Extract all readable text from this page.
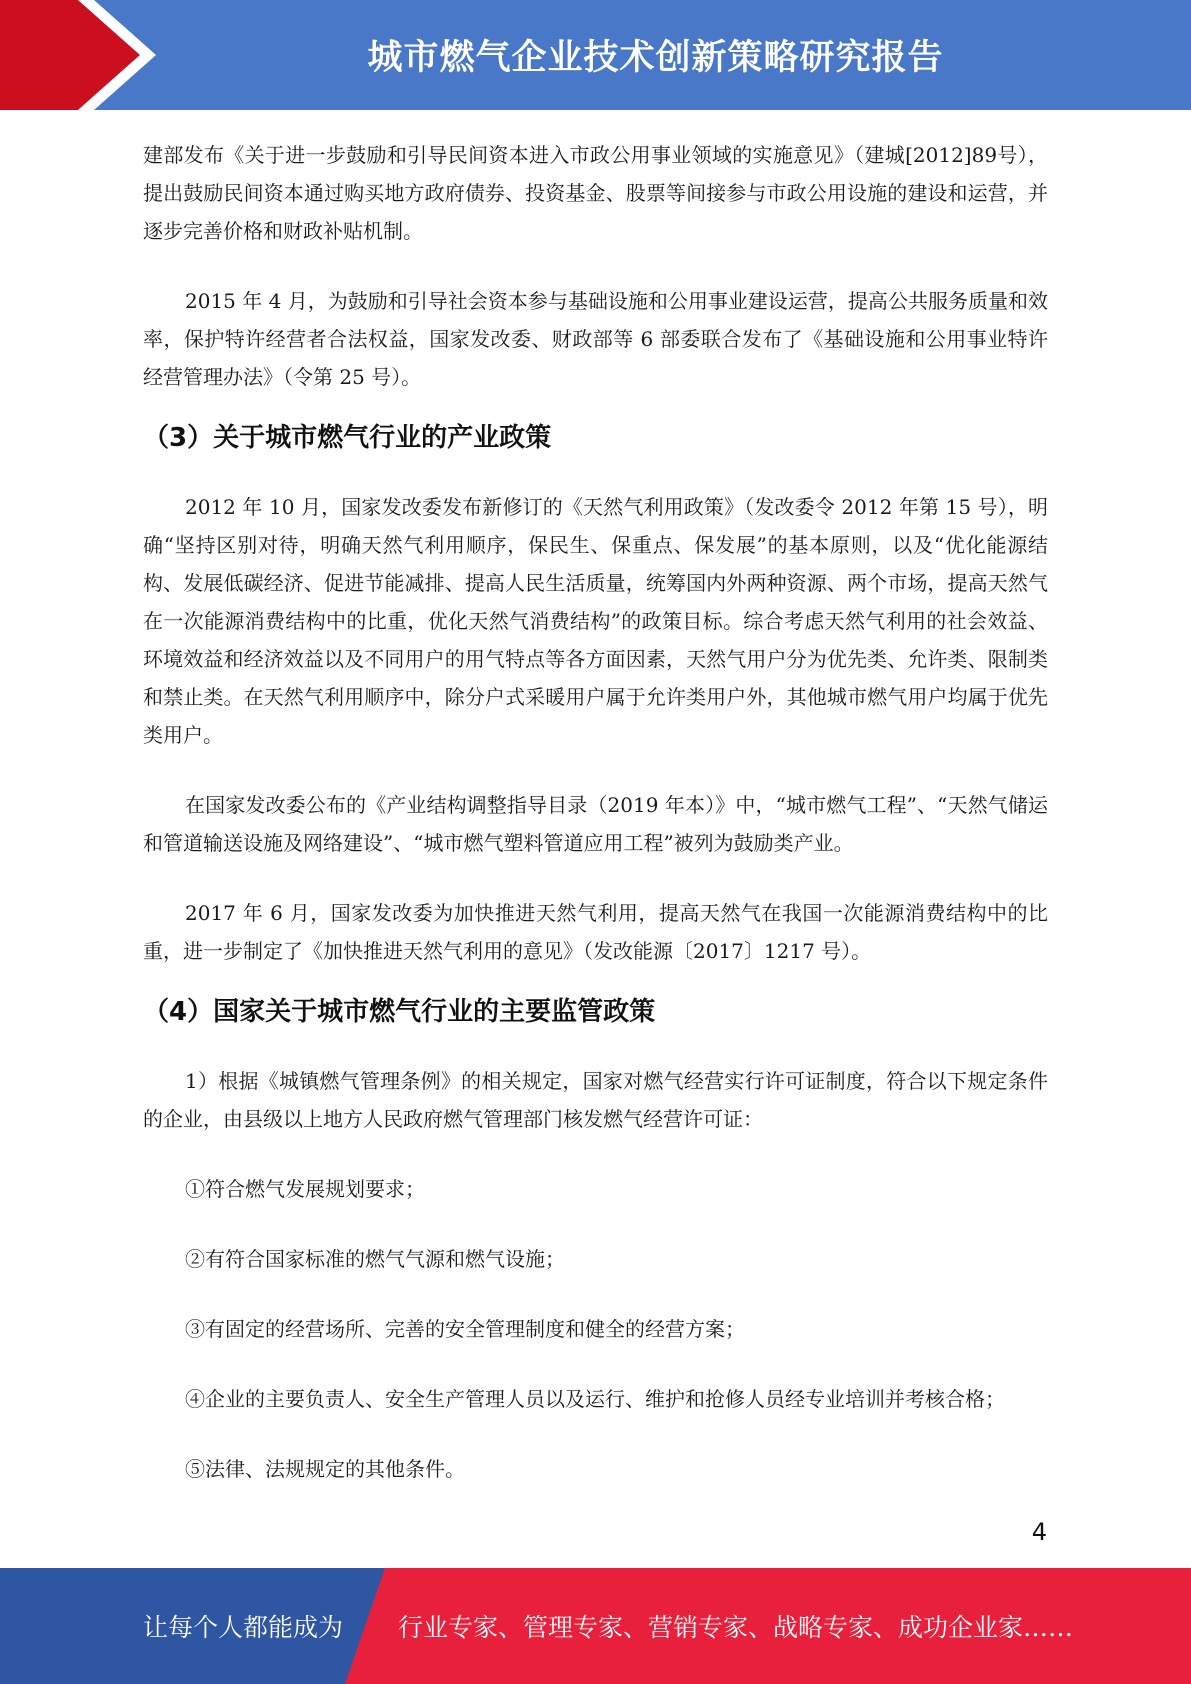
城市燃气企业技术创新策略研究报告

建部发布《关于进一步鼓励和引导民间资本进入市政公用事业领域的实施意见》（建城[2012]89号），提出鼓励民间资本通过购买地方政府债券、投资基金、股票等间接参与市政公用设施的建设和运营，并逐步完善价格和财政补贴机制。

2015 年 4 月，为鼓励和引导社会资本参与基础设施和公用事业建设运营，提高公共服务质量和效率，保护特许经营者合法权益，国家发改委、财政部等 6 部委联合发布了《基础设施和公用事业特许经营管理办法》（令第 25 号）。

（3）关于城市燃气行业的产业政策

2012 年 10 月，国家发改委发布新修订的《天然气利用政策》（发改委令 2012 年第 15 号），明确“坚持区别对待，明确天然气利用顺序，保民生、保重点、保发展”的基本原则，以及“优化能源结构、发展低碳经济、促进节能减排、提高人民生活质量，统筹国内外两种资源、两个市场，提高天然气在一次能源消费结构中的比重，优化天然气消费结构”的政策目标。综合考虑天然气利用的社会效益、环境效益和经济效益以及不同用户的用气特点等各方面因素，天然气用户分为优先类、允许类、限制类和禁止类。在天然气利用顺序中，除分户式采暖用户属于允许类用户外，其他城市燃气用户均属于优先类用户。

在国家发改委公布的《产业结构调整指导目录（2019 年本）》中，“城市燃气工程”、“天然气储运和管道输送设施及网络建设”、“城市燃气塑料管道应用工程”被列为鼓励类产业。

2017 年 6 月，国家发改委为加快推进天然气利用，提高天然气在我国一次能源消费结构中的比重，进一步制定了《加快推进天然气利用的意见》（发改能源〔2017〕1217 号）。

（4）国家关于城市燃气行业的主要监管政策

1）根据《城镇燃气管理条例》的相关规定，国家对燃气经营实行许可证制度，符合以下规定条件的企业，由县级以上地方人民政府燃气管理部门核发燃气经营许可证：

①符合燃气发展规划要求；

②有符合国家标准的燃气气源和燃气设施；

③有固定的经营场所、完善的安全管理制度和健全的经营方案；

④企业的主要负责人、安全生产管理人员以及运行、维护和抢修人员经专业培训并考核合格；

⑤法律、法规规定的其他条件。

4
让每个人都能成为 行业专家、管理专家、营销专家、战略专家、成功企业家……
